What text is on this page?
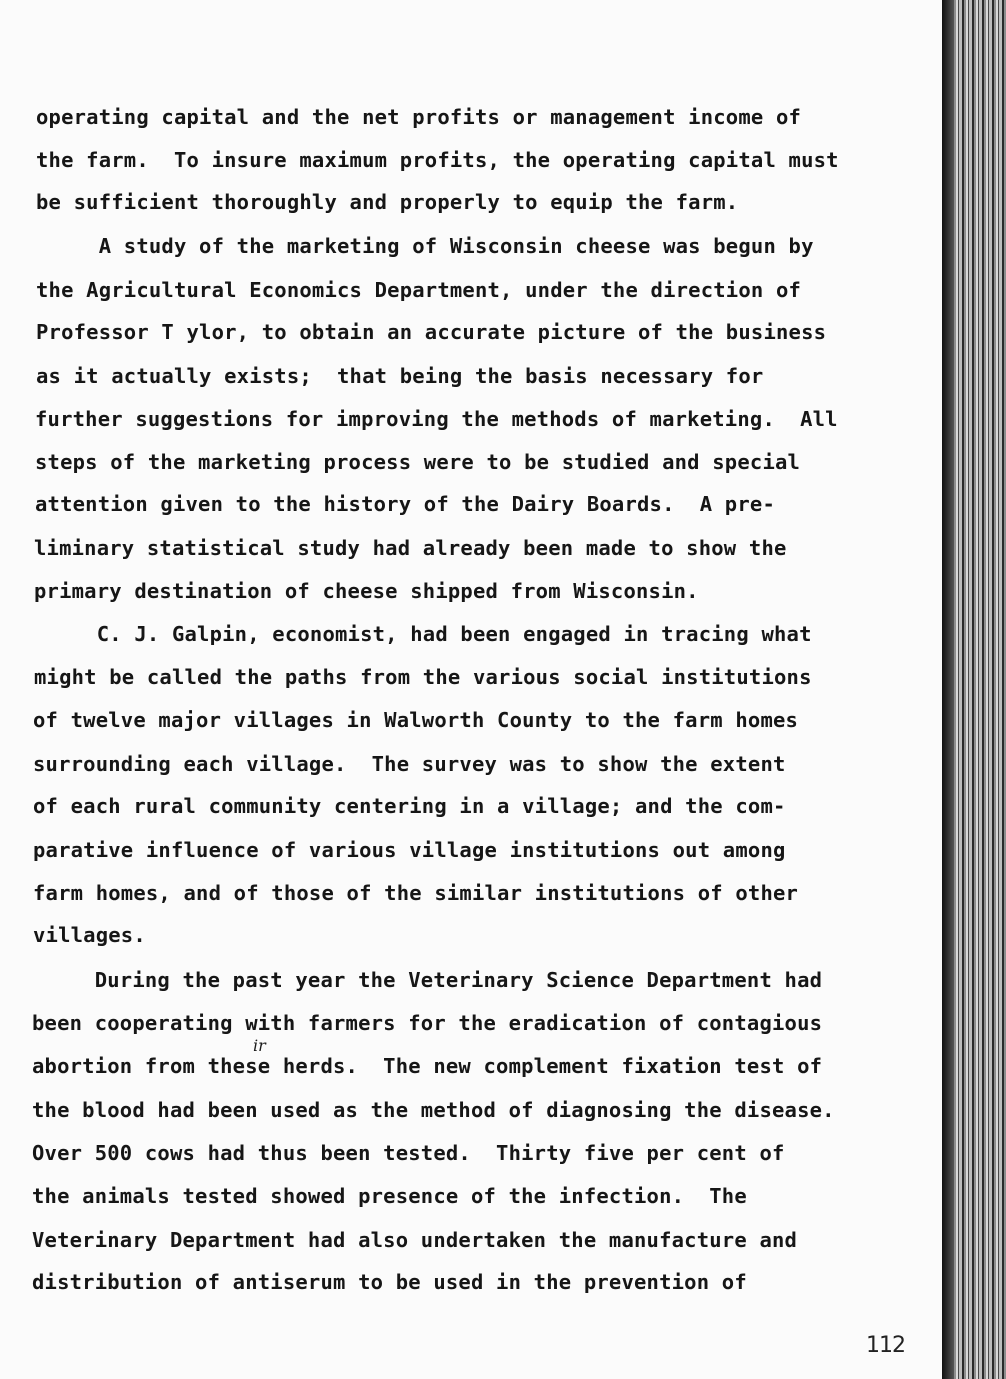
operating capital and the net profits or management income of

the farm.  To insure maximum profits, the operating capital must

be sufficient thoroughly and properly to equip the farm.

A study of the marketing of Wisconsin cheese was begun by

the Agricultural Economics Department, under the direction of

Professor T ylor, to obtain an accurate picture of the business

as it actually exists;  that being the basis necessary for

further suggestions for improving the methods of marketing.  All

steps of the marketing process were to be studied and special

attention given to the history of the Dairy Boards.  A pre-

liminary statistical study had already been made to show the

primary destination of cheese shipped from Wisconsin.

C. J. Galpin, economist, had been engaged in tracing what

might be called the paths from the various social institutions

of twelve major villages in Walworth County to the farm homes

surrounding each village.  The survey was to show the extent

of each rural community centering in a village; and the com-

parative influence of various village institutions out among

farm homes, and of those of the similar institutions of other

villages.

During the past year the Veterinary Science Department had

been cooperating with farmers for the eradication of contagious

abortion from these herds.  The new complement fixation test of

the blood had been used as the method of diagnosing the disease.

Over 500 cows had thus been tested.  Thirty five per cent of

the animals tested showed presence of the infection.  The

Veterinary Department had also undertaken the manufacture and

distribution of antiserum to be used in the prevention of

ir
112
